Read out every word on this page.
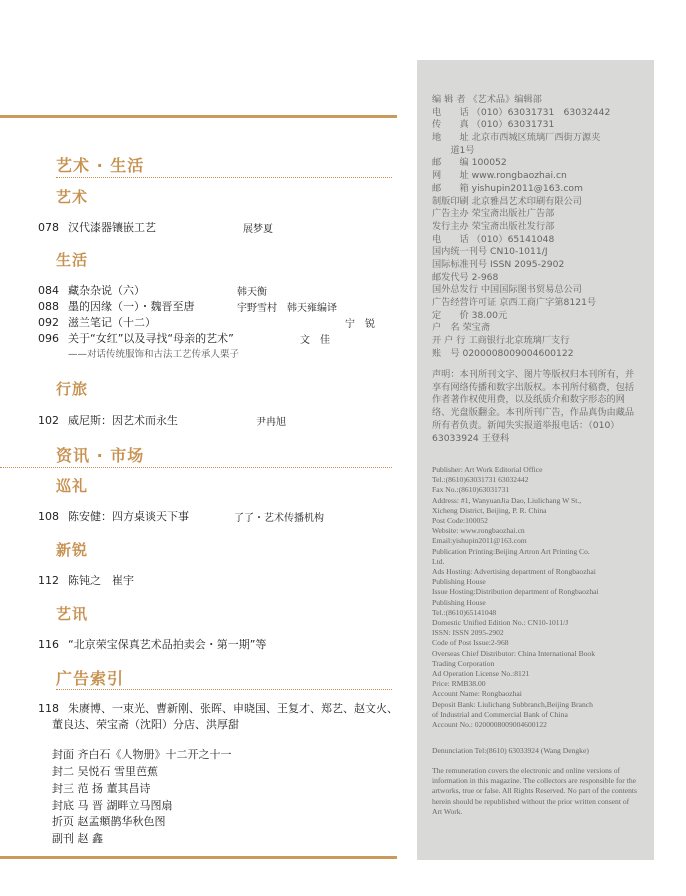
艺术 · 生活
艺术
078 汉代漆器镶嵌工艺	展梦夏
生活
084 藏杂杂说（六）	韩天衡
088 墨的因缘（一）・魏晋至唐	宇野雪村　韩天雍编译
092 滋兰笔记（十二）	宁　锐
096 关于“女红”以及寻找“母亲的艺术”	文　佳
——对话传统服饰和古法工艺传承人栗子
行旅
102 威尼斯：因艺术而永生	尹冉旭
资讯 · 市场
巡礼
108 陈安健：四方桌谈天下事	了了・艺术传播机构
新锐
112 陈钝之　崔宇
艺讯
116 “北京荣宝保真艺术品拍卖会・第一期”等
广告索引
118 朱赓博、一束光、曹新刚、张晖、申晓国、王复才、郑艺、赵文火、
董良达、荣宝斋（沈阳）分店、洪厚甜
封面 齐白石《人物册》十二开之十一
封二 吴悦石 雪里芭蕉
封三 范 扬 董其昌诗
封底 马 晋 湖畔立马图扇
折页 赵孟頫鹊华秋色图
副刊 赵 鑫
编 辑 者 《艺术品》编辑部
电　　话 （010）63031731　63032442
传　　真 （010）63031731
地　　址 北京市西城区琉璃厂西街万源夹
　　道1号
邮　　编 100052
网　　址 www.rongbaozhai.cn
邮　　箱 yishupin2011@163.com
制版印刷 北京雅昌艺术印刷有限公司
广告主办 荣宝斋出版社广告部
发行主办 荣宝斋出版社发行部
电　　话 （010）65141048
国内统一刊号 CN10-1011/J
国际标准刊号 ISSN 2095-2902
邮发代号 2-968
国外总发行 中国国际图书贸易总公司
广告经营许可证 京西工商广字第8121号
定　　价 38.00元
户　名 荣宝斋
开 户 行 工商银行北京琉璃厂支行
账　号 0200008009004600122
声明：本刊所刊文字、图片等版权归本刊所有，并享有网络传播和数字出版权。本刊所付稿费，包括作者著作权使用费，以及纸质介和数字形态的网络、光盘版翻金。本刊所刊广告，作品真伪由藏品所有者负责。新闻失实报道举报电话：（010）63033924 王登科
Publisher: Art Work Editorial Office
Tel.:(8610)63031731 63032442
Fax No.:(8610)63031731
Address: #1, WanyuanJia Dao, Liulichang W St.,
Xicheng District, Beijing, P. R. China
Post Code:100052
Website: www.rongbaozhai.cn
Email:yishupin2011@163.com
Publication Printing:Beijing Artron Art Printing Co.
Ltd.
Ads Hosting: Advertising department of Rongbaozhai
Publishing House
Issue Hosting:Distribution department of Rongbaozhai
Publishing House
Tel.:(8610)65141048
Domestic Unified Edition No.: CN10-1011/J
ISSN: ISSN 2095-2902
Code of Post Issue:2-968
Overseas Chief Distributor: China International Book
Trading Corporation
Ad Operation License No.:8121
Price: RMB38.00
Account Name: Rongbaozhai
Deposit Bank: Liulichang Subbranch,Beijing Branch
of Industrial and Commercial Bank of China
Account No.: 0200008009004600122
Denunciation Tel:(8610) 63033924 (Wang Dengke)
The remuneration covers the electronic and online versions of information in this magazine. The collectors are responsible for the artworks, true or false. All Rights Reserved. No part of the contents herein should be republished without the prior written consent of Art Work.
